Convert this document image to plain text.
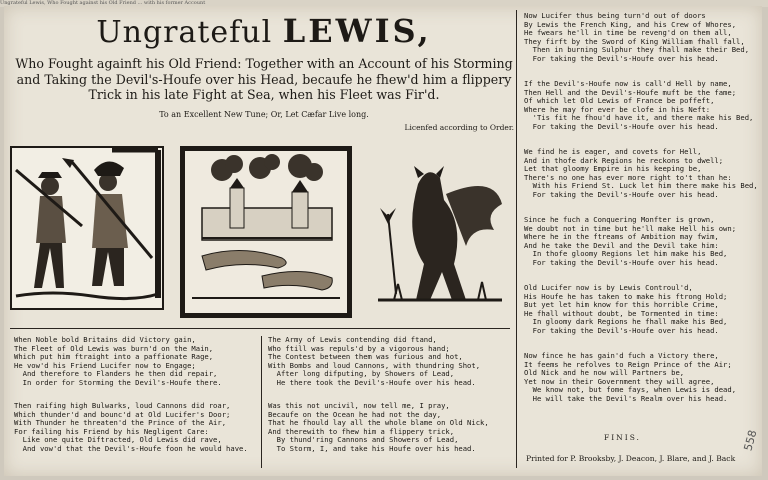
Ungrateful Lewis, Who Fought against his Old Friend ... with his former Account
Ungrateful LEWIS,
Who Fought againft his Old Friend: Together with an Account of his Storming and Taking the Devil's-Houfe over his Head, becaufe he fhew'd him a flippery Trick in his late Fight at Sea, when his Fleet was Fir'd.
To an Excellent New Tune; Or, Let Cæfar Live long.
Licenfed according to Order.
When Noble bold Britains did Victory gain,
The Fleet of Old Lewis was burn'd on the Main,
Which put him ftraight into a paffionate Rage,
He vow'd his Friend Lucifer now to Engage;
And therefore to Flanders he then did repair,
In order for Storming the Devil's-Houfe there.
Then raifing high Bulwarks, loud Cannons did roar,
Which thunder'd and bounc'd at Old Lucifer's Door;
With Thunder he threaten'd the Prince of the Air,
For failing his Friend by his Negligent Care:
Like one quite Diftracted, Old Lewis did rave,
And vow'd that the Devil's-Houfe foon he would have.
The Army of Lewis contending did ftand,
Who ftill was repuls'd by a vigorous hand;
The Contest between them was furious and hot,
With Bombs and loud Cannons, with thundring Shot,
After long difputing, by Showers of Lead,
He there took the Devil's-Houfe over his head.
Was this not uncivil, now tell me, I pray,
Becaufe on the Ocean he had not the day,
That he fhould lay all the whole blame on Old Nick,
And therewith to fhew him a flippery trick,
By thund'ring Cannons and Showers of Lead,
To Storm, I, and take his Houfe over his head.
Now Lucifer thus being turn'd out of doors
By Lewis the French King, and his Crew of Whores,
He fwears he'll in time be reveng'd on them all,
They firft by the Sword of King William fhall fall,
Then in burning Sulphur they fhall make their Bed,
For taking the Devil's-Houfe over his head.
If the Devil's-Houfe now is call'd Hell by name,
Then Hell and the Devil's-Houfe muft be the fame;
Of which let Old Lewis of France be poffeft,
Where he may for ever be clofe in his Neft:
'Tis fit he fhou'd have it, and there make his Bed,
For taking the Devil's-Houfe over his head.
We find he is eager, and covets for Hell,
And in thofe dark Regions he reckons to dwell;
Let that gloomy Empire in his keeping be,
There's no one has ever more right to't than he:
With his Friend St. Luck let him there make his Bed,
For taking the Devil's-Houfe over his head.
Since he fuch a Conquering Monfter is grown,
We doubt not in time but he'll make Hell his own;
Where he in the ftreams of Ambition may fwim,
And he take the Devil and the Devil take him:
In thofe gloomy Regions let him make his Bed,
For taking the Devil's-Houfe over his head.
Old Lucifer now is by Lewis Controul'd,
His Houfe he has taken to make his ftrong Hold;
But yet let him know for this horrible Crime,
He fhall without doubt, be Tormented in time:
In gloomy dark Regions he fhall make his Bed,
For taking the Devil's-Houfe over his head.
Now fince he has gain'd fuch a Victory there,
It feems he refolves to Reign Prince of the Air;
Old Nick and he now will Partners be,
Yet now in their Government they will agree,
We know not, but fome fays, when Lewis is dead,
He will take the Devil's Realm over his head.
FINIS.
Printed for P. Brooksby, J. Deacon, J. Blare, and J. Back
558
